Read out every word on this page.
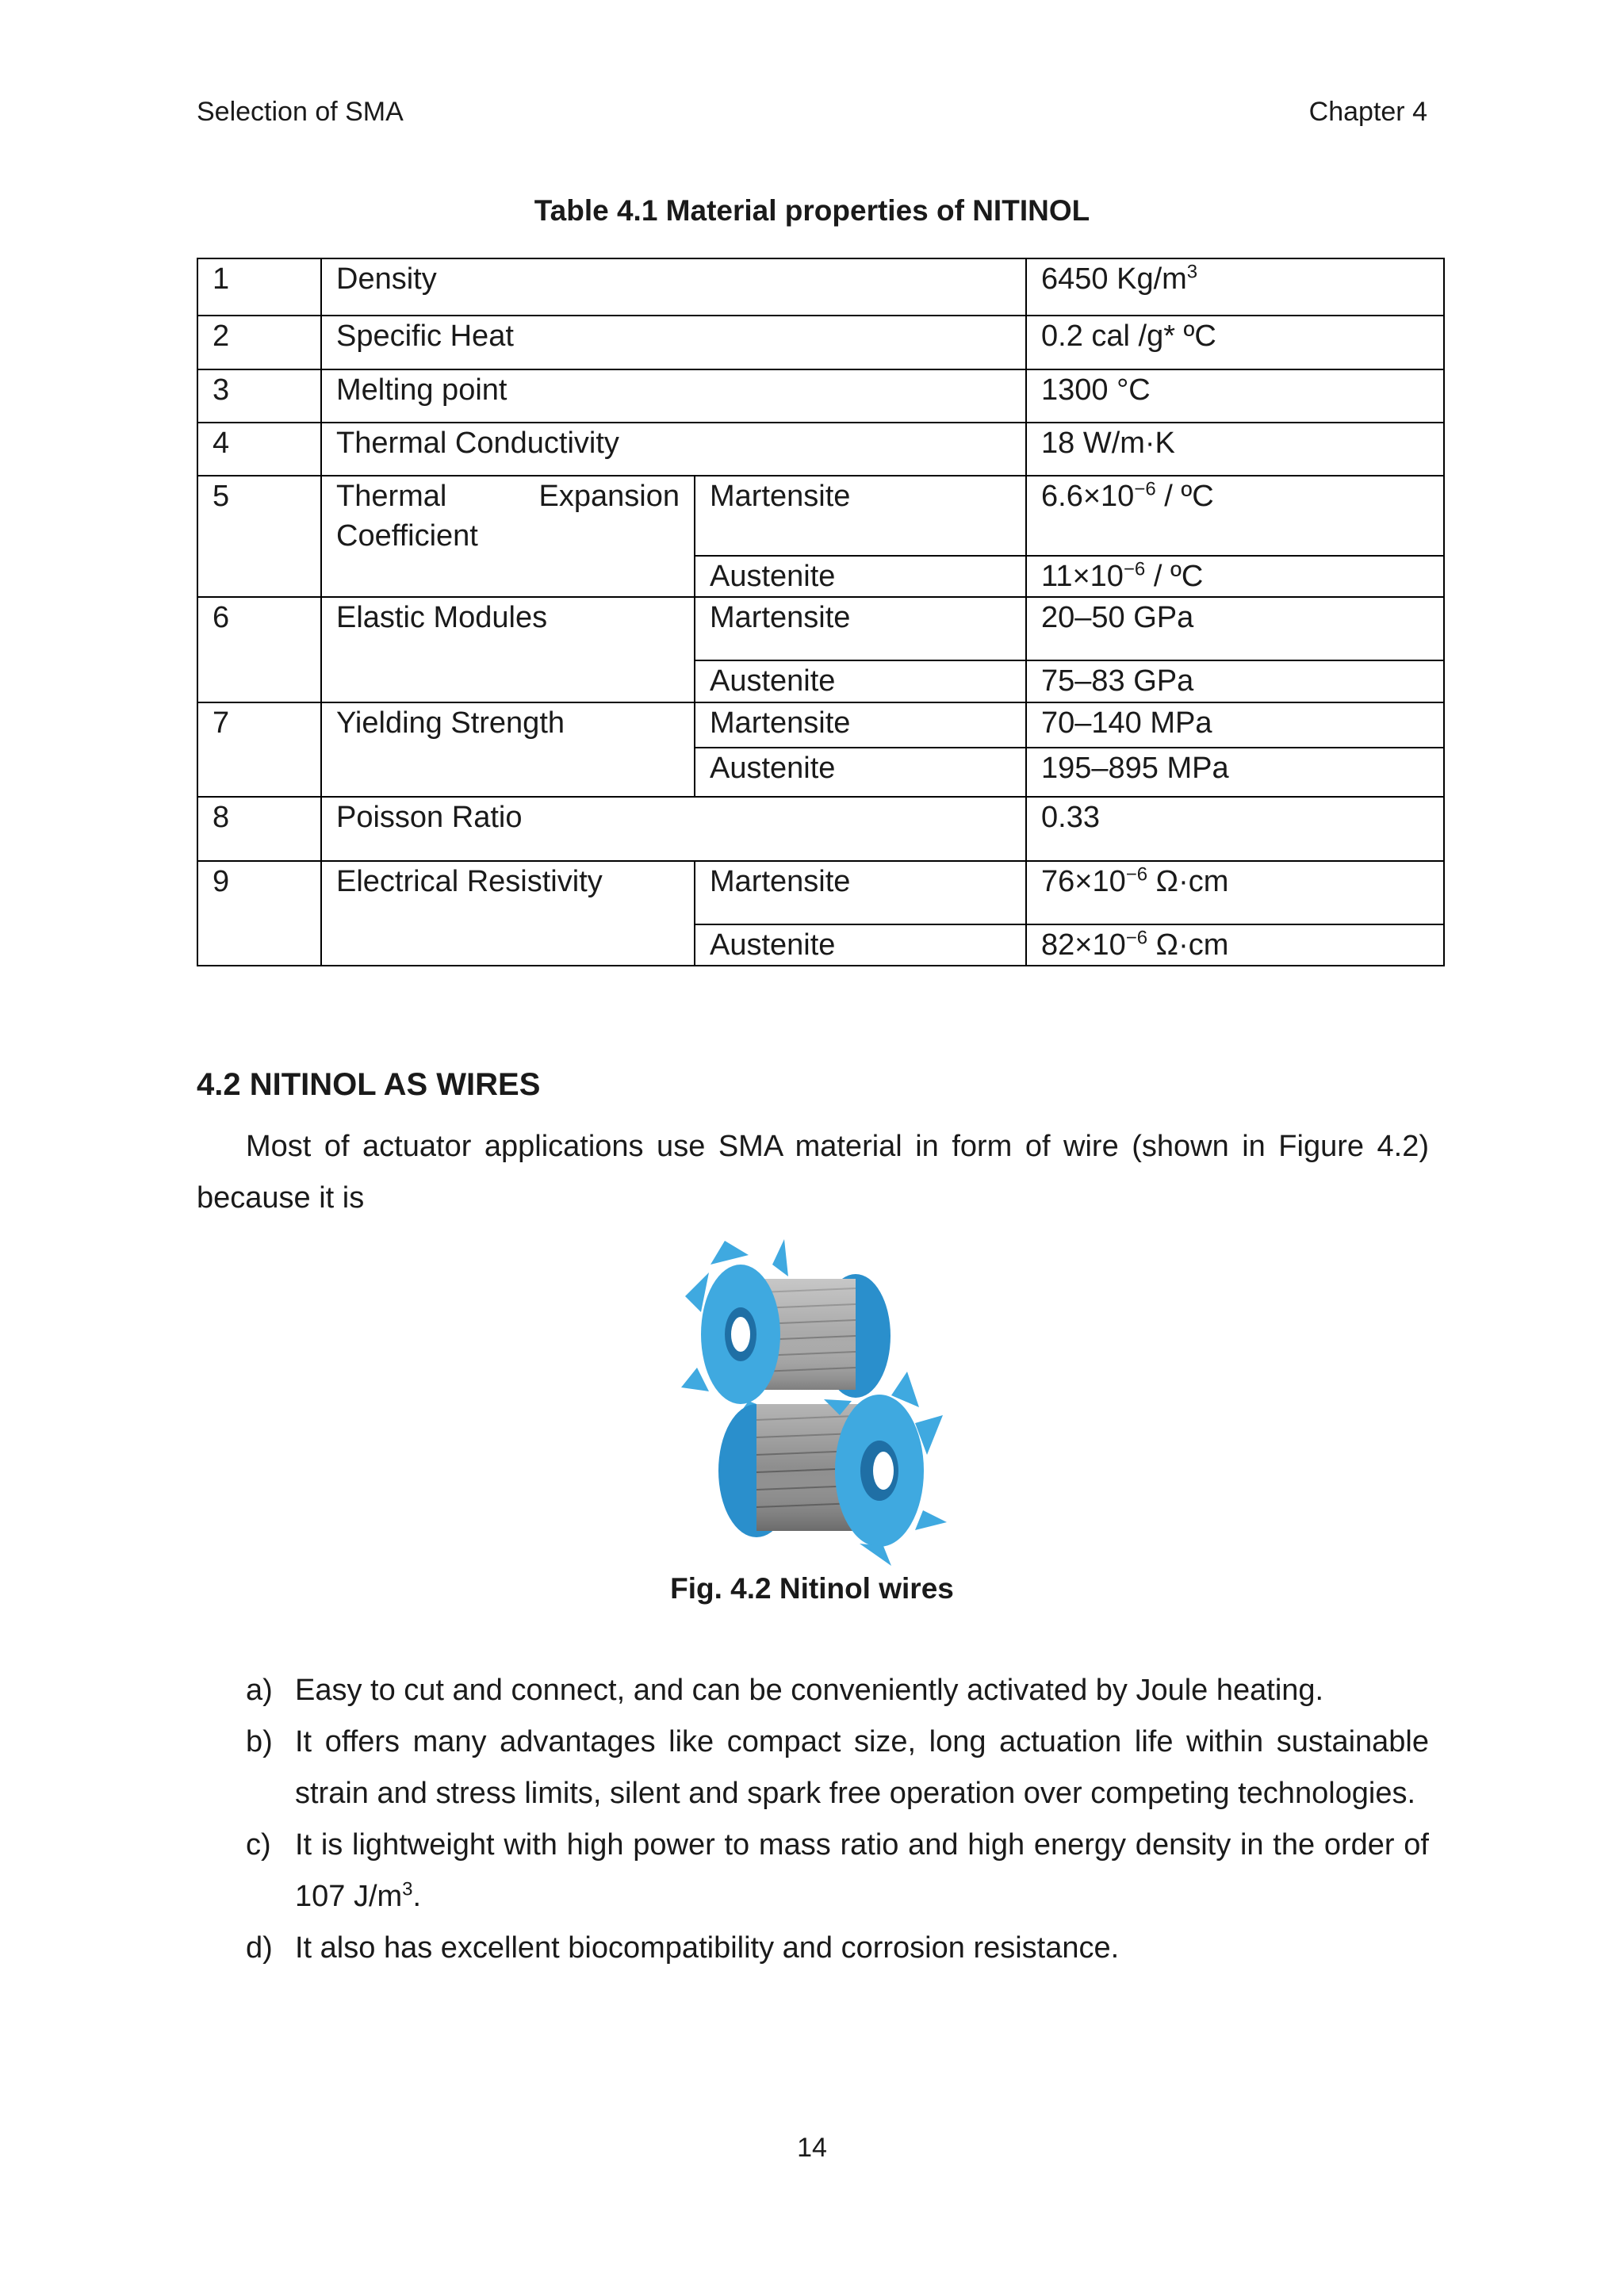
Selection of SMA	Chapter 4
Table 4.1 Material properties of NITINOL
1	Density		6450 $Kg/m^3$
2	Specific Heat		0.2 cal /g* ºC
3	Melting point		1300 °C
4	Thermal Conductivity		18 W/m·K
5	Thermal Expansion Coefficient	Martensite	$6.6\times 10^{-6}$ / ºC
		Austenite	$11\times 10^{-6}$ / ºC
6	Elastic Modules	Martensite	20–50 GPa
		Austenite	75–83 GPa
7	Yielding Strength	Martensite	70–140 MPa
		Austenite	195–895 MPa
8	Poisson Ratio		0.33
9	Electrical Resistivity	Martensite	$76\times 10^{-6}$ Ω·cm
		Austenite	$82\times 10^{-6}$ Ω·cm
4.2 NITINOL AS WIRES

Most of actuator applications use SMA material in form of wire (shown in Figure 4.2) because it is

Fig. 4.2 Nitinol wires
a) Easy to cut and connect, and can be conveniently activated by Joule heating.
b) It offers many advantages like compact size, long actuation life within sustainable strain and stress limits, silent and spark free operation over competing technologies.
c) It is lightweight with high power to mass ratio and high energy density in the order of 107 $J/m^3$.
d) It also has excellent biocompatibility and corrosion resistance.
14
